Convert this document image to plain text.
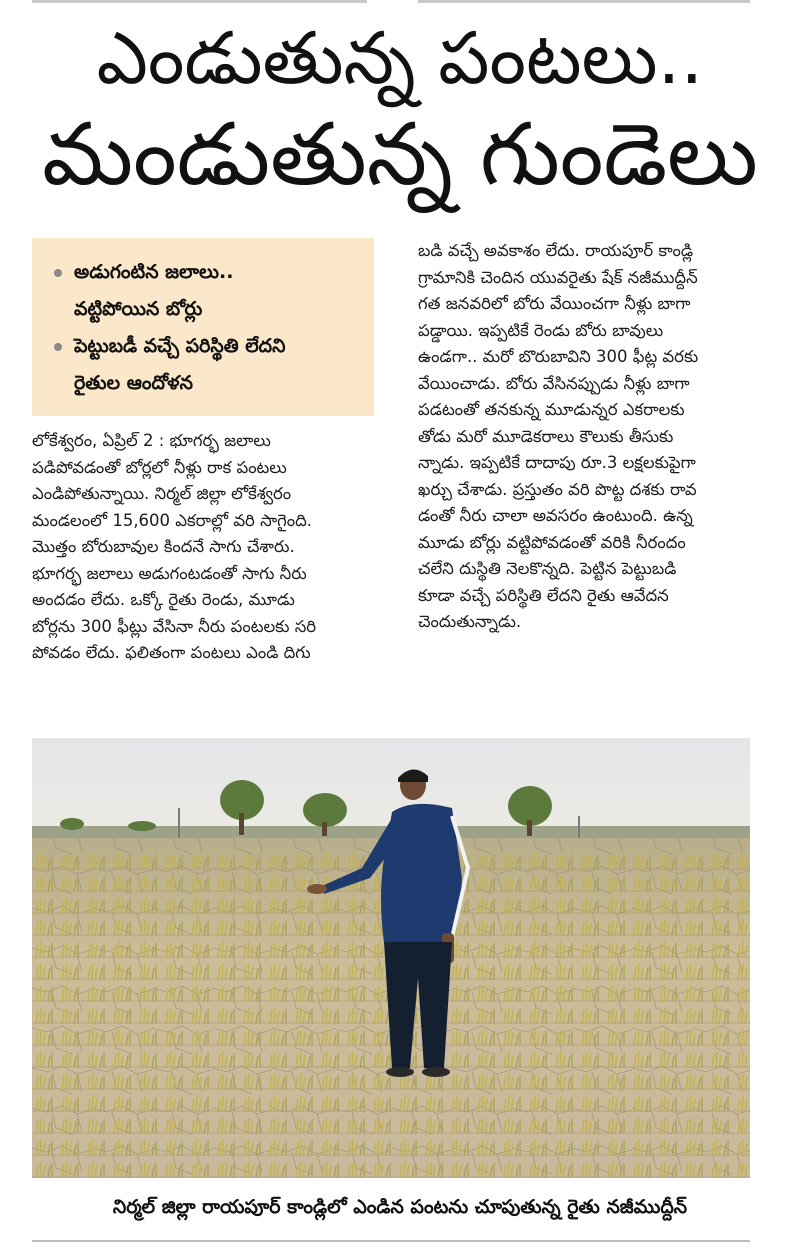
ఎండుతున్న పంటలు..
మండుతున్న గుండెలు
అడుగంటిన జలాలు..
వట్టిపోయిన బోర్లు
పెట్టుబడీ వచ్చే పరిస్థితి లేదని
రైతుల ఆందోళన
లోకేశ్వరం, ఏప్రిల్ 2 : భూగర్భ జలాలు
పడిపోవడంతో బోర్లలో నీళ్లు రాక పంటలు
ఎండిపోతున్నాయి. నిర్మల్ జిల్లా లోకేశ్వరం
మండలంలో 15,600 ఎకరాల్లో వరి సాగైంది.
మొత్తం బోరుబావుల కిందనే సాగు చేశారు.
భూగర్భ జలాలు అడుగంటడంతో సాగు నీరు
అందడం లేదు. ఒక్కో రైతు రెండు, మూడు
బోర్లను 300 ఫీట్లు వేసినా నీరు పంటలకు సరి
పోవడం లేదు. ఫలితంగా పంటలు ఎండి దిగు
బడి వచ్చే అవకాశం లేదు. రాయపూర్ కాండ్లి
గ్రామానికి చెందిన యువరైతు షేక్ నజీముద్దీన్
గత జనవరిలో బోరు వేయించగా నీళ్లు బాగా
పడ్డాయి. ఇప్పటికే రెండు బోరు బావులు
ఉండగా.. మరో బొరుబావిని 300 ఫీట్ల వరకు
వేయించాడు. బోరు వేసినప్పుడు నీళ్లు బాగా
పడటంతో తనకున్న మూడున్నర ఎకరాలకు
తోడు మరో మూడెకరాలు కౌలుకు తీసుకు
న్నాడు. ఇప్పటికే దాదాపు రూ.3 లక్షలకుపైగా
ఖర్చు చేశాడు. ప్రస్తుతం వరి పొట్ట దశకు రావ
డంతో నీరు చాలా అవసరం ఉంటుంది. ఉన్న
మూడు బోర్లు వట్టిపోవడంతో వరికి నీరందం
చలేని దుస్థితి నెలకొన్నది. పెట్టిన పెట్టుబడి
కూడా వచ్చే పరిస్థితి లేదని రైతు ఆవేదన
చెందుతున్నాడు.
నిర్మల్ జిల్లా రాయపూర్ కాండ్లిలో ఎండిన పంటను చూపుతున్న రైతు నజీముద్దీన్
